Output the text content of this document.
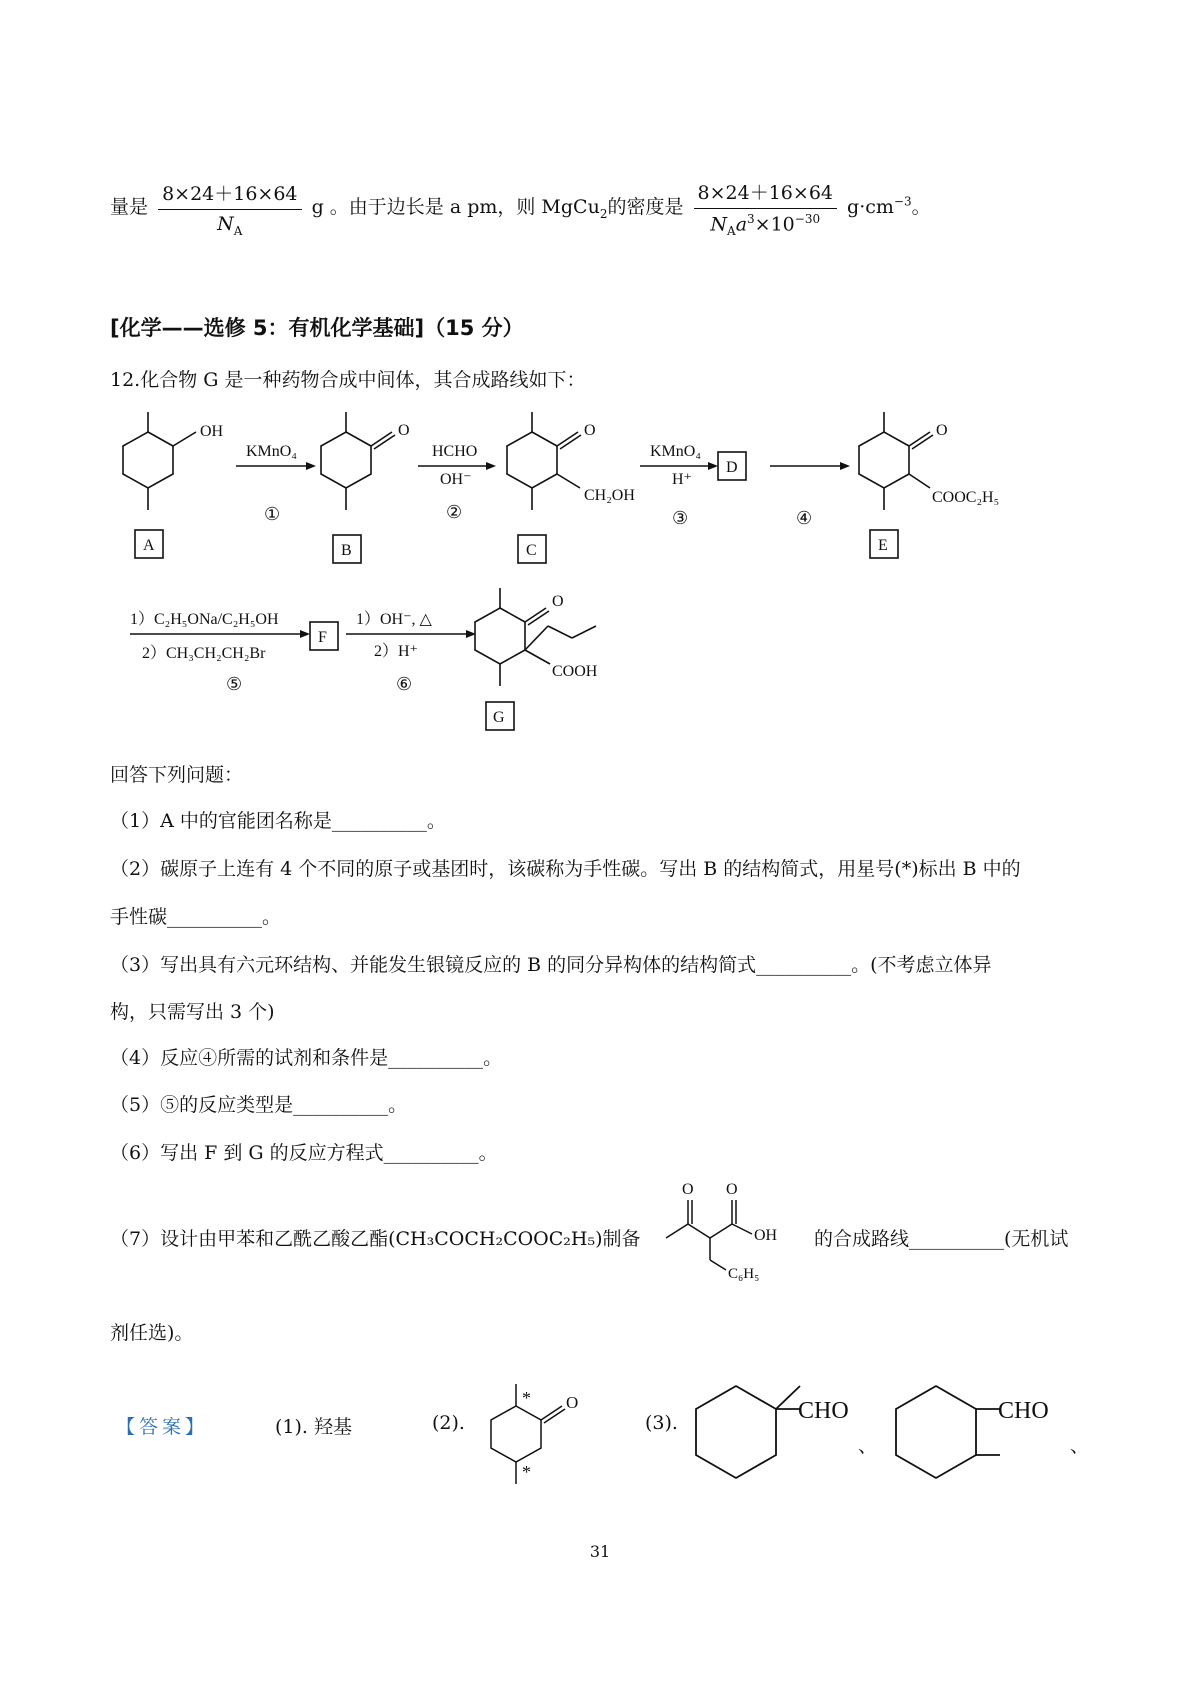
量是 $\frac{8\times 24+16\times 64}{N_A}$ g 。由于边长是 a pm，则 MgCu$_2$的密度是 $\frac{8\times 24+16\times 64}{N_Aa^3\times 10^{-30}} g\cdot cm^{-3}$。
[化学——选修 5：有机化学基础]（15 分）
12.化合物 G 是一种药物合成中间体，其合成路线如下：
OH	O	O
CH₂OH
O
COOC₂H₅
O
COOH
KMnO₄
①
HCHO
OH⁻
②
KMnO₄
H⁺
③	④
1）C₂H₅ONa/C₂H₅OH
2）CH₃CH₂CH₂Br
⑤
1）OH⁻, △
2）H⁺
⑥
A	B	C
D
E
F
G
回答下列问题：
（1）A 中的官能团名称是__________。
（2）碳原子上连有 4 个不同的原子或基团时，该碳称为手性碳。写出 B 的结构简式，用星号(*)标出 B 中的
手性碳__________。
（3）写出具有六元环结构、并能发生银镜反应的 B 的同分异构体的结构简式__________。(不考虑立体异
构，只需写出 3 个)
（4）反应④所需的试剂和条件是__________。
（5）⑤的反应类型是__________。
（6）写出 F 到 G 的反应方程式__________。
（7）设计由甲苯和乙酰乙酸乙酯(CH₃COCH₂COOC₂H₅)制备
O O
OH
C₆H₅
的合成路线__________(无机试
剂任选)。
【答案】	(1). 羟基	(2).
*
*
O
(3).	CHO
、
CHO
、
31
